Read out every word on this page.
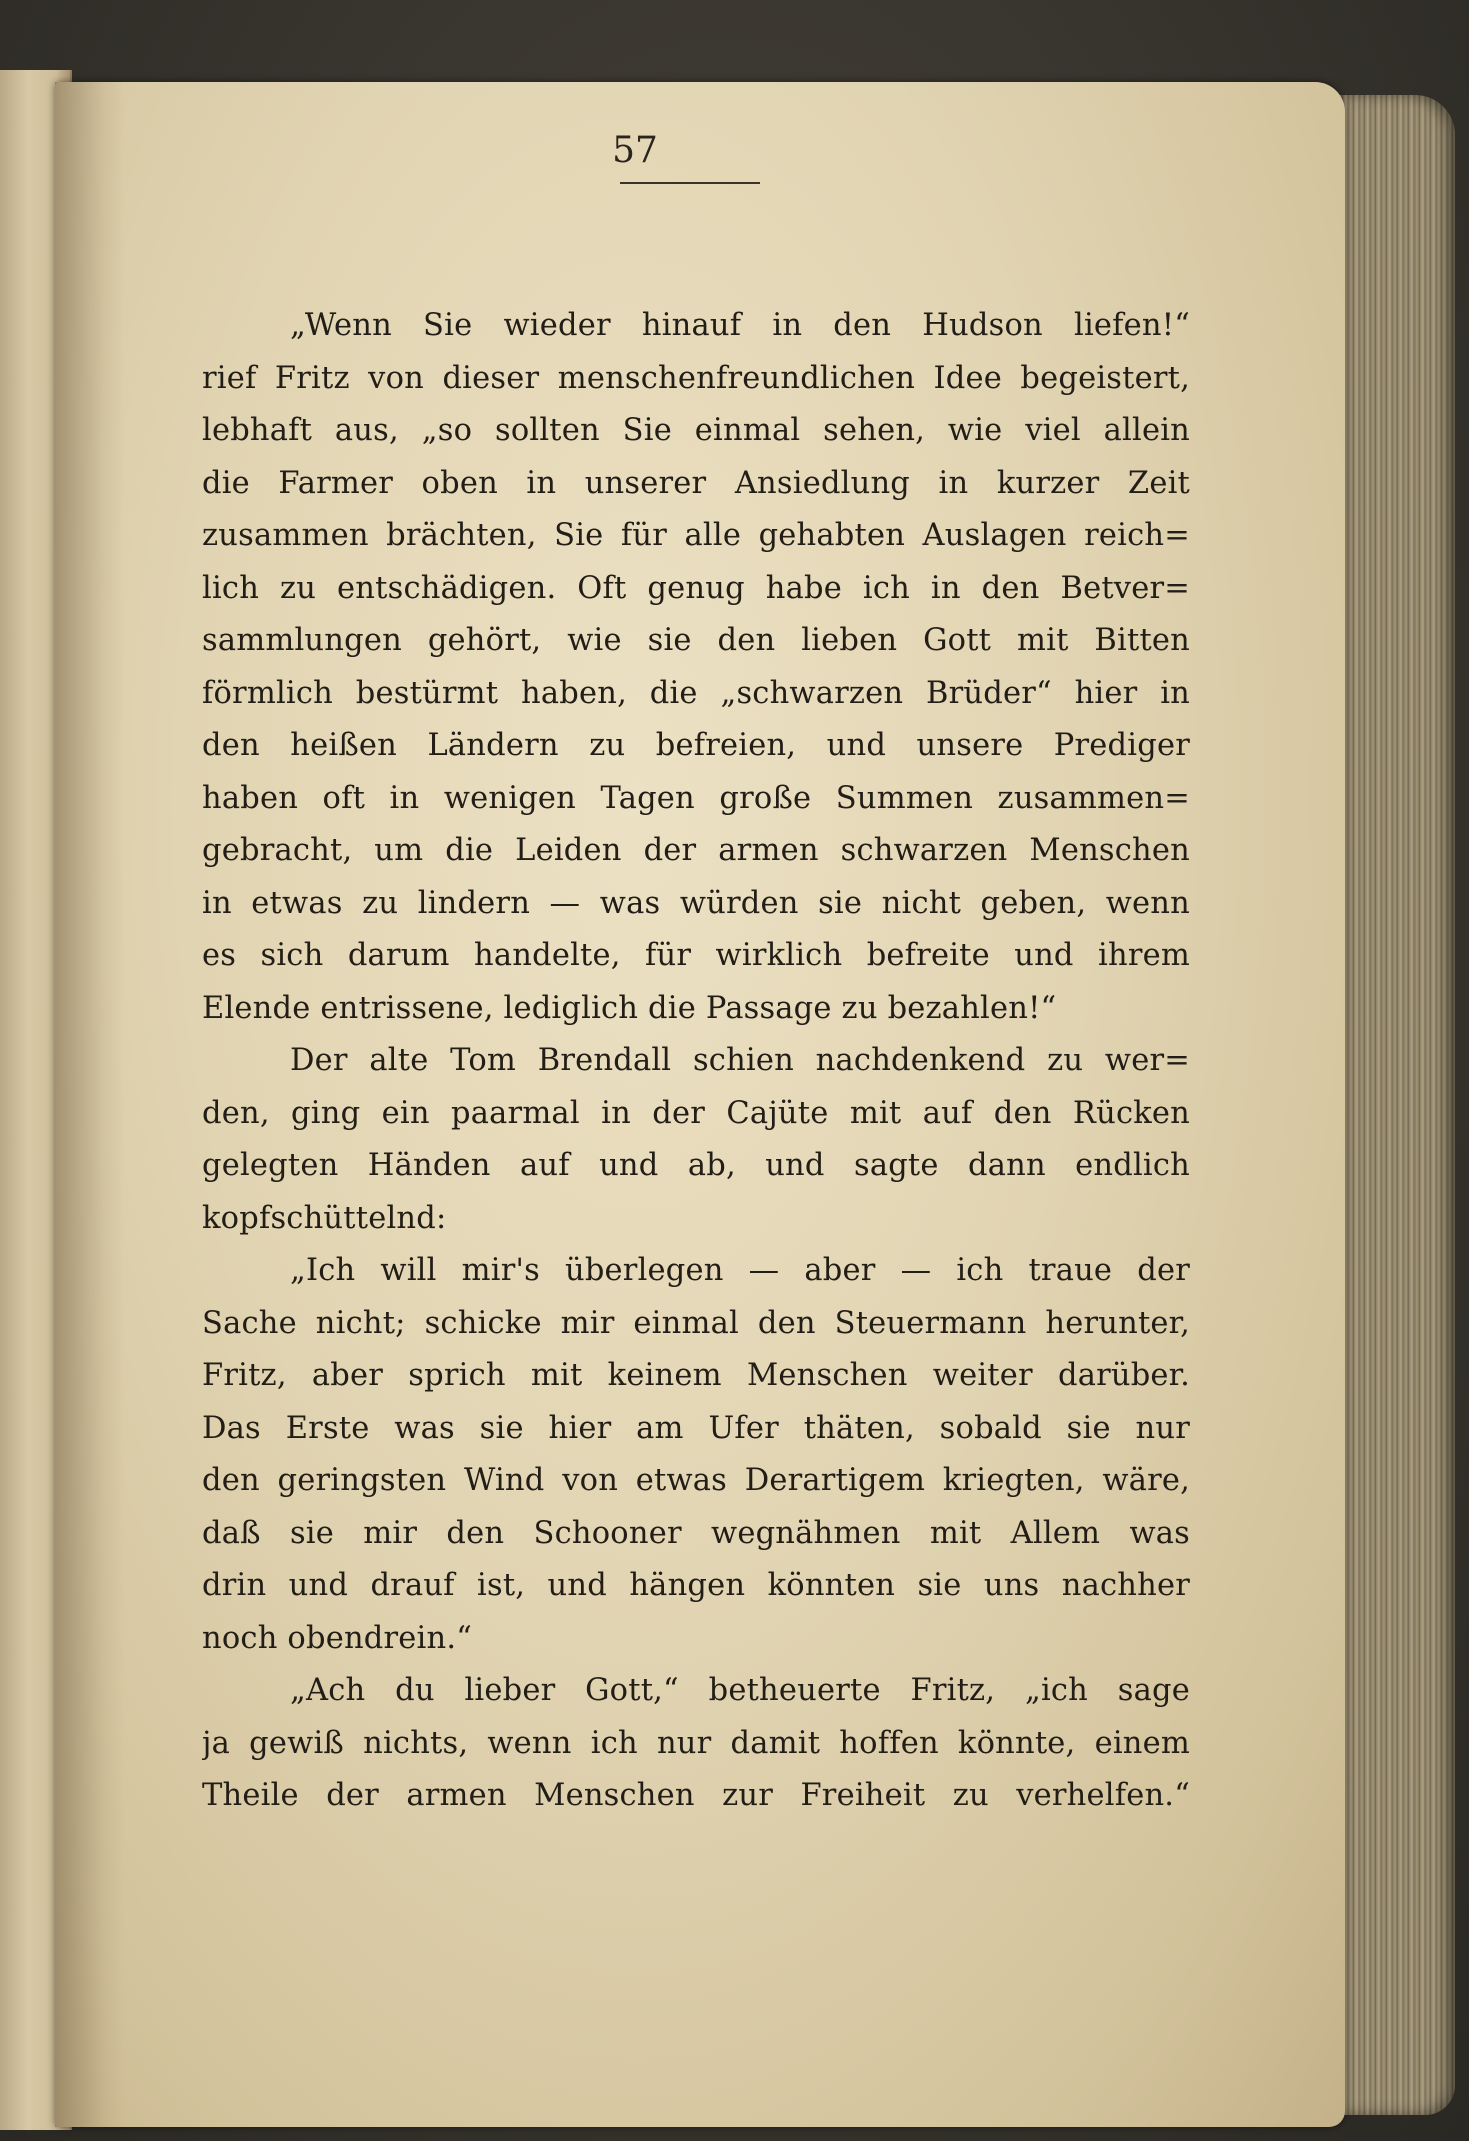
57
„Wenn Sie wieder hinauf in den Hudson liefen!“
rief Fritz von dieser menschenfreundlichen Idee begeistert,
lebhaft aus, „so sollten Sie einmal sehen, wie viel allein
die Farmer oben in unserer Ansiedlung in kurzer Zeit
zusammen brächten, Sie für alle gehabten Auslagen reich=
lich zu entschädigen. Oft genug habe ich in den Betver=
sammlungen gehört, wie sie den lieben Gott mit Bitten
förmlich bestürmt haben, die „schwarzen Brüder“ hier in
den heißen Ländern zu befreien, und unsere Prediger
haben oft in wenigen Tagen große Summen zusammen=
gebracht, um die Leiden der armen schwarzen Menschen
in etwas zu lindern — was würden sie nicht geben, wenn
es sich darum handelte, für wirklich befreite und ihrem
Elende entrissene, lediglich die Passage zu bezahlen!“
Der alte Tom Brendall schien nachdenkend zu wer=
den, ging ein paarmal in der Cajüte mit auf den Rücken
gelegten Händen auf und ab, und sagte dann endlich
kopfschüttelnd:
„Ich will mir's überlegen — aber — ich traue der
Sache nicht; schicke mir einmal den Steuermann herunter,
Fritz, aber sprich mit keinem Menschen weiter darüber.
Das Erste was sie hier am Ufer thäten, sobald sie nur
den geringsten Wind von etwas Derartigem kriegten, wäre,
daß sie mir den Schooner wegnähmen mit Allem was
drin und drauf ist, und hängen könnten sie uns nachher
noch obendrein.“
„Ach du lieber Gott,“ betheuerte Fritz, „ich sage
ja gewiß nichts, wenn ich nur damit hoffen könnte, einem
Theile der armen Menschen zur Freiheit zu verhelfen.“
